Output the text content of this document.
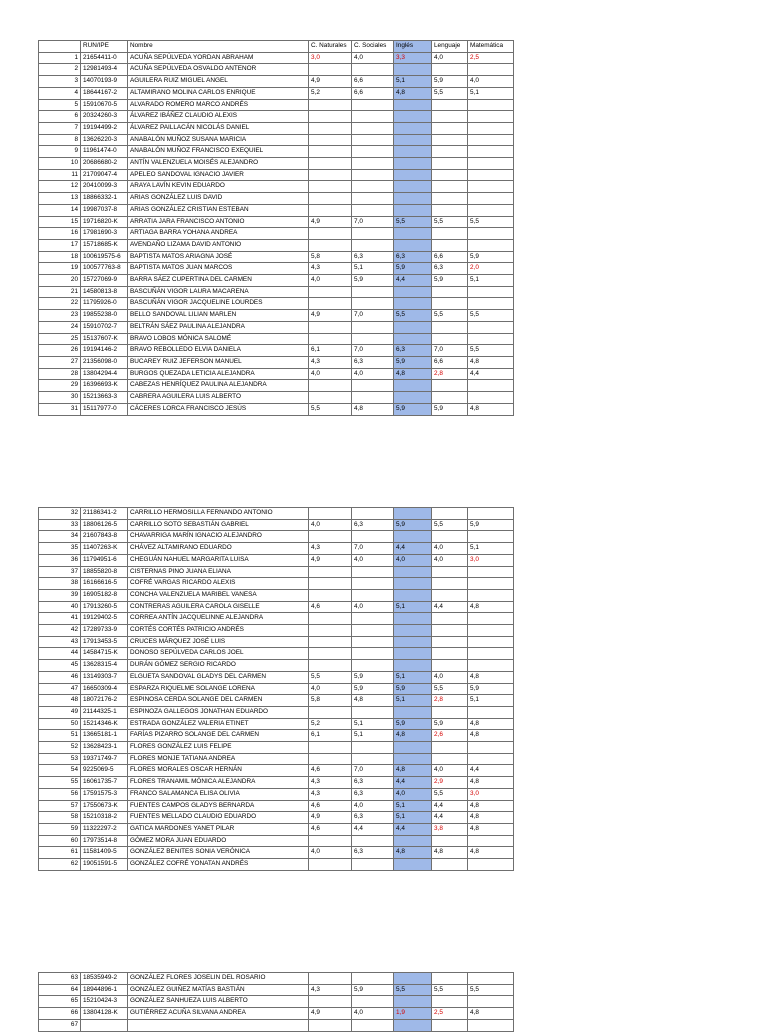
	RUN/IPE	Nombre	C. Naturales	C. Sociales	Inglés	Lenguaje	Matemática
1	21654411-0	ACUÑA SEPÚLVEDA YORDAN ABRAHAM	3,0	4,0	3,3	4,0	2,5
2	12981493-4	ACUÑA SEPÚLVEDA OSVALDO ANTENOR					
3	14070193-9	AGUILERA RUIZ MIGUEL ANGEL	4,9	6,6	5,1	5,9	4,0
4	18644167-2	ALTAMIRANO MOLINA CARLOS ENRIQUE	5,2	6,6	4,8	5,5	5,1
5	15910670-5	ALVARADO ROMERO MARCO ANDRÉS					
6	20324260-3	ÁLVAREZ IBÁÑEZ CLAUDIO ALEXIS					
7	19194499-2	ÁLVAREZ PAILLACÁN NICOLÁS DANIEL					
8	13626220-3	ANABALÓN MUÑOZ SUSANA MARICIA					
9	11961474-0	ANABALÓN MUÑOZ FRANCISCO EXEQUIEL					
10	20686680-2	ANTÍN VALENZUELA MOISÉS ALEJANDRO					
11	21709047-4	APELEO SANDOVAL IGNACIO JAVIER					
12	20410099-3	ARAYA LAVÍN KEVIN EDUARDO					
13	18866332-1	ARIAS GONZÁLEZ LUIS DAVID					
14	19987037-8	ARIAS GONZÁLEZ CRISTIAN ESTEBAN					
15	19716820-K	ARRATIA JARA FRANCISCO ANTONIO	4,9	7,0	5,5	5,5	5,5
16	17981690-3	ARTIAGA BARRA YOHANA ANDREA					
17	15718685-K	AVENDAÑO LIZAMA DAVID ANTONIO					
18	100619575-6	BAPTISTA MATOS ARIAGNA JOSÉ	5,8	6,3	6,3	6,6	5,9
19	100577763-8	BAPTISTA MATOS JUAN MARCOS	4,3	5,1	5,9	6,3	2,0
20	15727069-9	BARRA SÁEZ CUPERTINA DEL CARMEN	4,0	5,9	4,4	5,9	5,1
21	14580813-8	BASCUÑÁN VIGOR LAURA MACARENA					
22	11795926-0	BASCUÑÁN VIGOR JACQUELINE LOURDES					
23	19855238-0	BELLO SANDOVAL LILIAN MARLEN	4,9	7,0	5,5	5,5	5,5
24	15910702-7	BELTRÁN SÁEZ PAULINA ALEJANDRA					
25	15137607-K	BRAVO LOBOS MÓNICA SALOMÉ					
26	19194146-2	BRAVO REBOLLEDO ELVIA DANIELA	6,1	7,0	6,3	7,0	5,5
27	21356098-0	BUCAREY RUIZ JEFERSON MANUEL	4,3	6,3	5,9	6,6	4,8
28	13804294-4	BURGOS QUEZADA LETICIA ALEJANDRA	4,0	4,0	4,8	2,8	4,4
29	16396693-K	CABEZAS HENRÍQUEZ PAULINA ALEJANDRA					
30	15213663-3	CABRERA AGUILERA LUIS ALBERTO					
31	15117977-0	CÁCERES LORCA FRANCISCO JESÚS	5,5	4,8	5,9	5,9	4,8
32	21186341-2	CARRILLO HERMOSILLA FERNANDO ANTONIO					
33	18806126-5	CARRILLO SOTO SEBASTIÁN GABRIEL	4,0	6,3	5,9	5,5	5,9
34	21607843-8	CHAVARRIGA MARÍN IGNACIO ALEJANDRO					
35	11407263-K	CHÁVEZ ALTAMIRANO EDUARDO	4,3	7,0	4,4	4,0	5,1
36	11794951-6	CHEGUÁN NAHUEL MARGARITA LUISA	4,9	4,0	4,0	4,0	3,0
37	18855820-8	CISTERNAS PINO JUANA ELIANA					
38	16166616-5	COFRÉ VARGAS RICARDO ALEXIS					
39	16905182-8	CONCHA VALENZUELA MARIBEL VANESA					
40	17913260-5	CONTRERAS AGUILERA CAROLA GISELLE	4,6	4,0	5,1	4,4	4,8
41	19129402-5	CORREA ANTÍN JACQUELINNE ALEJANDRA					
42	17289733-9	CORTÉS CORTÉS PATRICIO ANDRÉS					
43	17913453-5	CRUCES MÁRQUEZ JOSÉ LUIS					
44	14584715-K	DONOSO SEPÚLVEDA CARLOS JOEL					
45	13628315-4	DURÁN GÓMEZ SERGIO RICARDO					
46	13149303-7	ELGUETA SANDOVAL GLADYS DEL CARMEN	5,5	5,9	5,1	4,0	4,8
47	16650309-4	ESPARZA RIQUELME SOLANGE LORENA	4,0	5,9	5,9	5,5	5,9
48	18072176-2	ESPINOSA CERDA SOLANGE DEL CARMEN	5,8	4,8	5,1	2,8	5,1
49	21144325-1	ESPINOZA GALLEGOS JONATHAN EDUARDO					
50	15214346-K	ESTRADA GONZÁLEZ VALERIA ETINET	5,2	5,1	5,9	5,9	4,8
51	13665181-1	FARÍAS PIZARRO SOLANGE DEL CARMEN	6,1	5,1	4,8	2,6	4,8
52	13628423-1	FLORES GONZÁLEZ LUIS FELIPE					
53	19371749-7	FLORES MONJE TATIANA ANDREA					
54	9225069-5	FLORES MORALES OSCAR HERNÁN	4,6	7,0	4,8	4,0	4,4
55	16061735-7	FLORES TRANAMIL MÓNICA ALEJANDRA	4,3	6,3	4,4	2,9	4,8
56	17591575-3	FRANCO SALAMANCA ELISA OLIVIA	4,3	6,3	4,0	5,5	3,0
57	17550673-K	FUENTES CAMPOS GLADYS BERNARDA	4,6	4,0	5,1	4,4	4,8
58	15210318-2	FUENTES MELLADO CLAUDIO EDUARDO	4,9	6,3	5,1	4,4	4,8
59	11322297-2	GATICA MARDONES YANET PILAR	4,6	4,4	4,4	3,8	4,8
60	17973514-8	GÓMEZ MORA JUAN EDUARDO					
61	11581409-5	GONZÁLEZ BENITES SONIA VERÓNICA	4,0	6,3	4,8	4,8	4,8
62	19051591-5	GONZÁLEZ COFRÉ YONATAN ANDRÉS					
63	18535949-2	GONZÁLEZ FLORES JOSELIN DEL ROSARIO					
64	18944896-1	GONZÁLEZ GUIÑEZ MATÍAS BASTIÁN	4,3	5,9	5,5	5,5	5,5
65	15210424-3	GONZÁLEZ SANHUEZA LUIS ALBERTO					
66	13804128-K	GUTIÉRREZ ACUÑA SILVANA ANDREA	4,9	4,0	1,9	2,5	4,8
67							
